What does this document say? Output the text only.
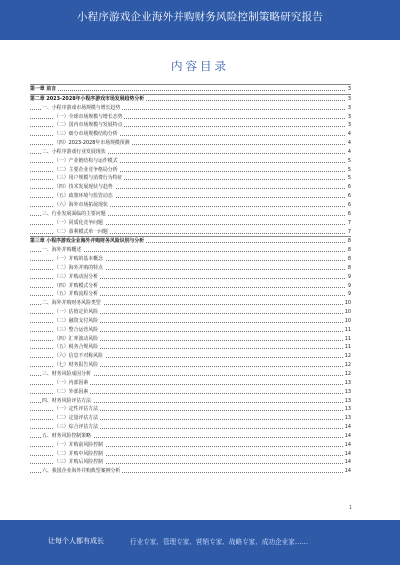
小程序游戏企业海外并购财务风险控制策略研究报告
内容目录
第一章 前言	3
第二章 2023-2028年小程序游戏市场发展趋势分析	3
一、小程序游戏市场规模与增长趋势	3
（一）全球市场规模与增长态势	3
（二）国内市场规模与发展特点	3
（三）细分市场规模结构分析	4
（四）2023-2028年市场规模预测	4
二、小程序游戏行业发展现状	4
（一）产业链结构与运作模式	5
（二）主要企业竞争格局分析	5
（三）用户规模与消费行为特征	5
（四）技术发展现状与趋势	6
（五）政策环境与监管动态	6
（六）海外市场拓展现状	6
三、行业发展面临的主要问题	6
（一）同质化竞争问题	7
（二）盈利模式单一问题	7
第三章 小程序游戏企业海外并购财务风险识别与分析	8
一、海外并购概述	8
（一）并购的基本概念	8
（二）海外并购的特点	8
（三）并购动因分析	9
（四）并购模式分析	9
（五）并购流程分析	9
二、海外并购财务风险类型	10
（一）估值定价风险	10
（二）融资支付风险	10
（三）整合运营风险	11
（四）汇率波动风险	11
（五）税务合规风险	11
（六）信息不对称风险	12
（七）财务报告风险	12
三、财务风险成因分析	12
（一）内部因素	13
（二）外部因素	13
四、财务风险评估方法	13
（一）定性评估方法	13
（二）定量评估方法	13
（三）综合评估方法	14
五、财务风险控制策略	14
（一）并购前风险控制	14
（二）并购中风险控制	14
（三）并购后风险控制	14
六、我国企业海外并购典型案例分析	14
1
让每个人都有成长	行业专家、管理专家、营销专家、战略专家、成功企业家……
